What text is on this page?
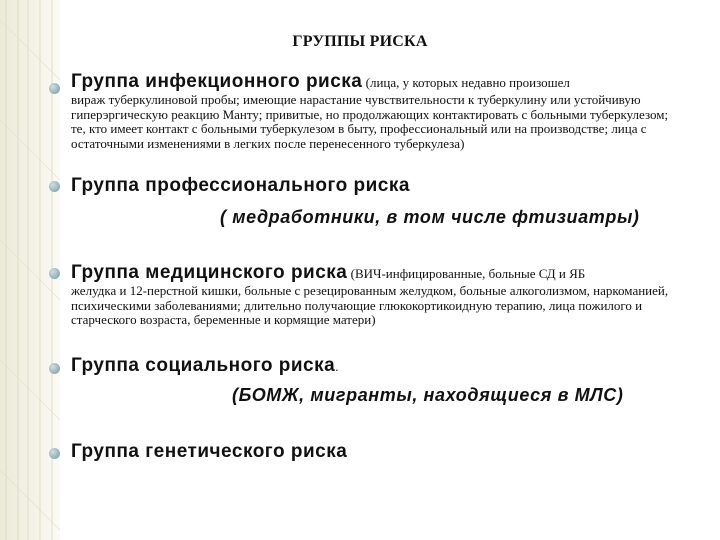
ГРУППЫ РИСКА
Группа инфекционного риска (лица, у которых недавно произошел
вираж туберкулиновой пробы; имеющие нарастание чувствительности к туберкулину или устойчивую гиперэргическую реакцию Манту; привитые, но продолжающих контактировать с больными туберкулезом; те, кто имеет контакт с больными туберкулезом в быту, профессиональный или на производстве; лица с остаточными изменениями в легких после перенесенного туберкулеза)
Группа профессионального риска
( медработники, в том числе фтизиатры)
Группа медицинского риска (ВИЧ-инфицированные, больные СД и ЯБ
желудка и 12-перстной кишки, больные с резецированным желудком, больные алкоголизмом, наркоманией, психическими заболеваниями; длительно получающие глюкокортикоидную терапию, лица пожилого и старческого возраста, беременные и кормящие матери)
Группа социального риска.
(БОМЖ, мигранты, находящиеся в МЛС)
Группа генетического риска
